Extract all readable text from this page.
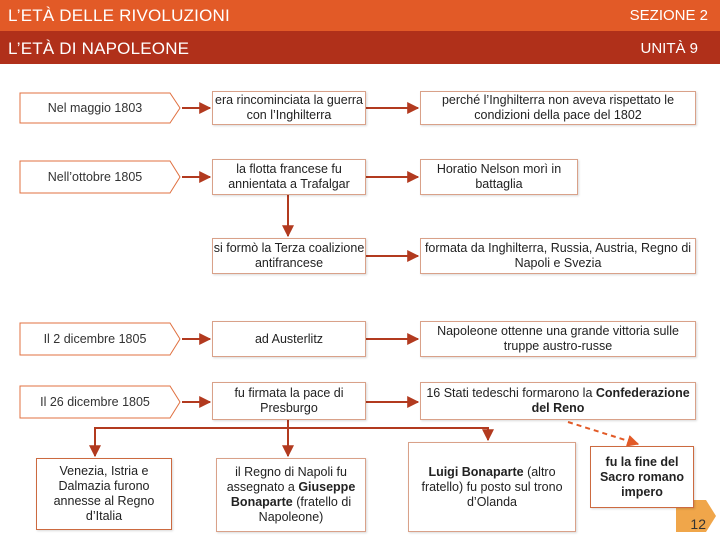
L’ETÀ DELLE RIVOLUZIONI	SEZIONE 2
L’ETÀ DI NAPOLEONE	UNITÀ 9
Nel maggio 1803
Nell’ottobre 1805
Il 2 dicembre 1805
Il 26 dicembre 1805
Venezia, Istria e Dalmazia furono annesse al Regno d’Italia
era rincominciata la guerra con l’Inghilterra
la flotta francese fu annientata a Trafalgar
si formò la Terza coalizione antifrancese
ad Austerlitz
fu firmata la pace di Presburgo
il Regno di Napoli fu assegnato a Giuseppe Bonaparte (fratello di Napoleone)
perché l’Inghilterra non aveva rispettato le condizioni della pace del 1802
Horatio Nelson morì in battaglia
formata da Inghilterra, Russia, Austria, Regno di Napoli e Svezia
Napoleone ottenne una grande vittoria sulle truppe austro-russe
16 Stati tedeschi formarono la Confederazione del Reno
Luigi Bonaparte (altro fratello) fu posto sul trono d’Olanda
fu la fine del Sacro romano impero
12
